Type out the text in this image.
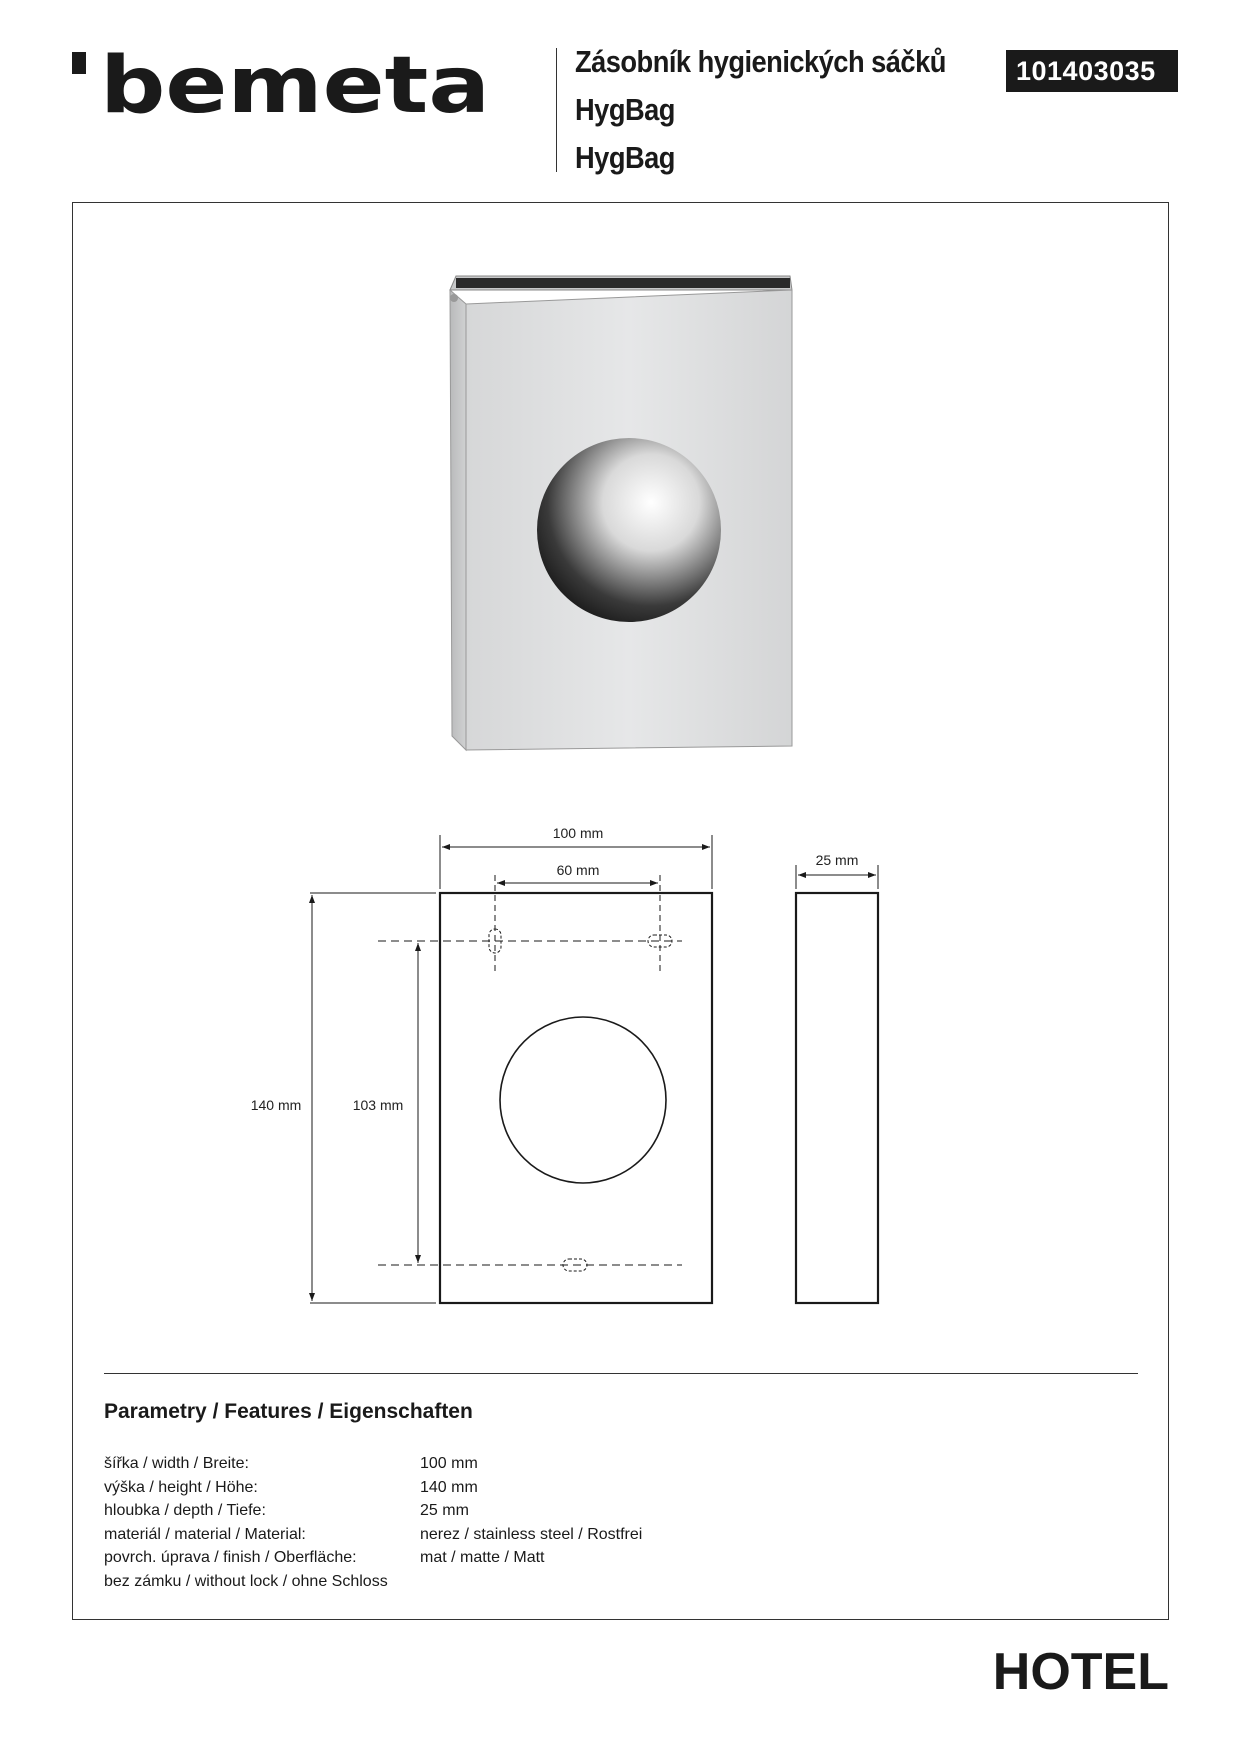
bemeta	Zásobník hygienických sáčků
HygBag
HygBag
101403035
100 mm
60 mm
25 mm
140 mm	103 mm
Parametry / Features / Eigenschaften
šířka / width / Breite:	100 mm
výška / height / Höhe:	140 mm
hloubka / depth / Tiefe:	25 mm
materiál / material / Material:	nerez / stainless steel / Rostfrei
povrch. úprava / finish / Oberfläche:	mat / matte / Matt
bez zámku / without lock / ohne Schloss
HOTEL
